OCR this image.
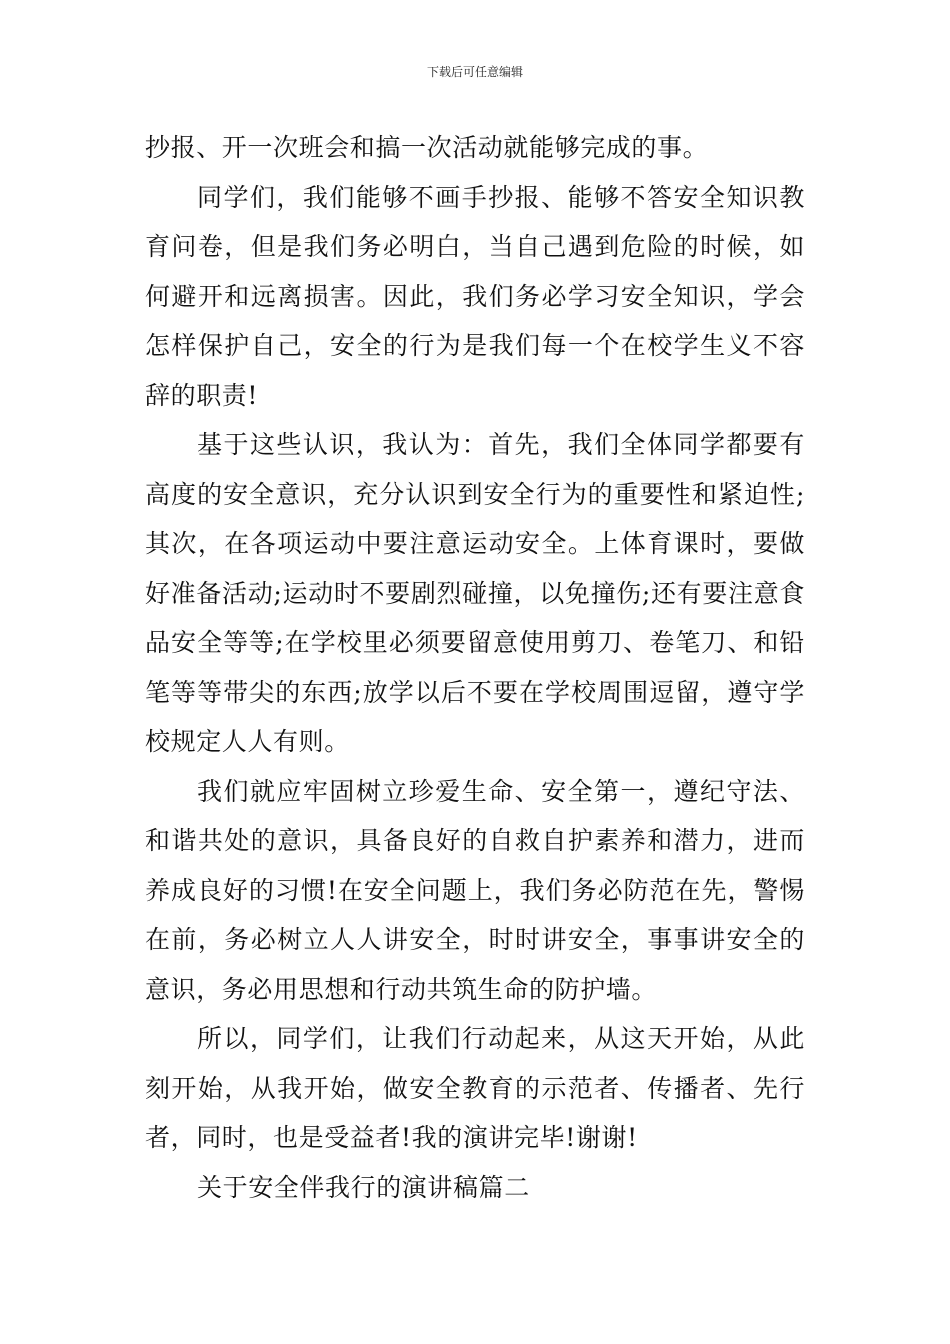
下载后可任意编辑

抄报、开一次班会和搞一次活动就能够完成的事。

同学们，我们能够不画手抄报、能够不答安全知识教育问卷，但是我们务必明白，当自己遇到危险的时候，如何避开和远离损害。因此，我们务必学习安全知识，学会怎样保护自己，安全的行为是我们每一个在校学生义不容辞的职责!

基于这些认识，我认为：首先，我们全体同学都要有高度的安全意识，充分认识到安全行为的重要性和紧迫性;其次，在各项运动中要注意运动安全。上体育课时，要做好准备活动;运动时不要剧烈碰撞，以免撞伤;还有要注意食品安全等等;在学校里必须要留意使用剪刀、卷笔刀、和铅笔等等带尖的东西;放学以后不要在学校周围逗留，遵守学校规定人人有则。

我们就应牢固树立珍爱生命、安全第一，遵纪守法、和谐共处的意识，具备良好的自救自护素养和潜力，进而养成良好的习惯!在安全问题上，我们务必防范在先，警惕在前，务必树立人人讲安全，时时讲安全，事事讲安全的意识，务必用思想和行动共筑生命的防护墙。

所以，同学们，让我们行动起来，从这天开始，从此刻开始，从我开始，做安全教育的示范者、传播者、先行者，同时，也是受益者!我的演讲完毕!谢谢!

关于安全伴我行的演讲稿篇二
